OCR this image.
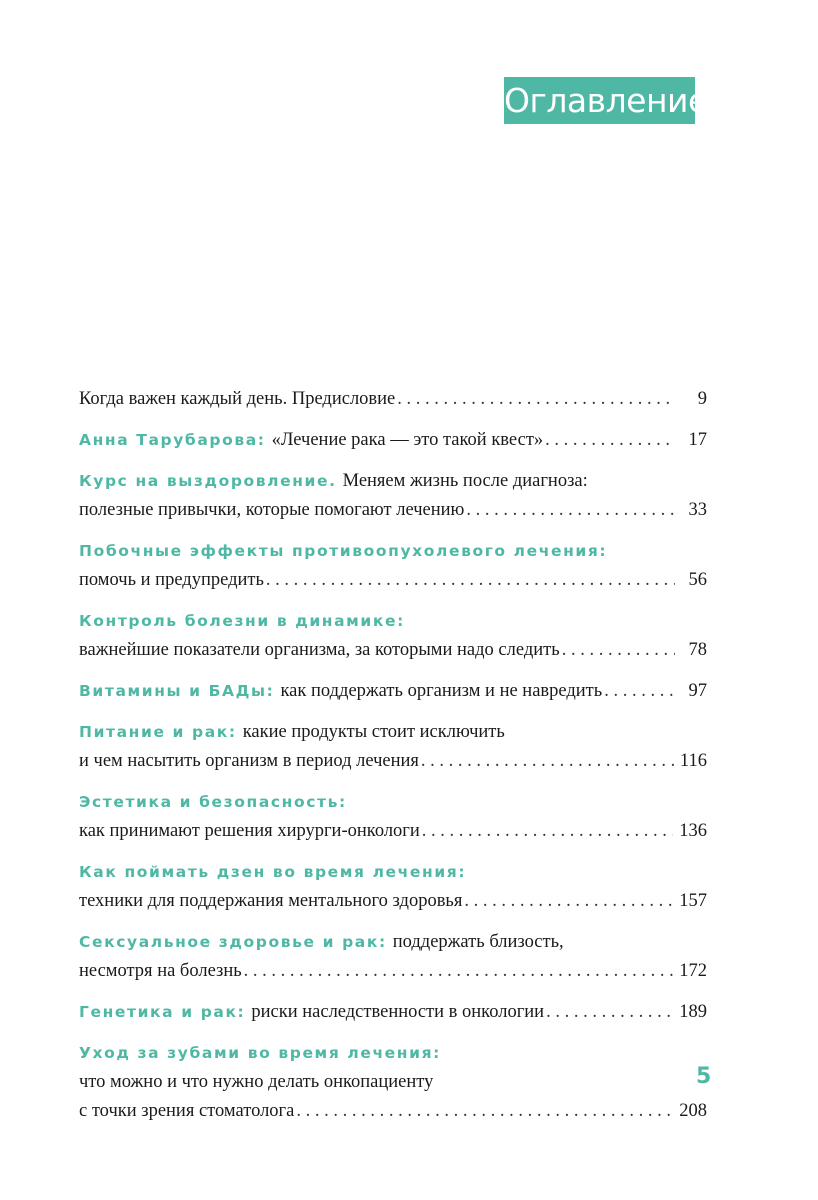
Оглавление
Когда важен каждый день. Предисловие . . .	9
Анна Тарубарова: «Лечение рака — это такой квест» . . .	17
Курс на выздоровление. Меняем жизнь после диагноза:
полезные привычки, которые помогают лечению . . .	33
Побочные эффекты противоопухолевого лечения:
помочь и предупредить . . .	56
Контроль болезни в динамике:
важнейшие показатели организма, за которыми надо следить . . .	78
Витамины и БАДы: как поддержать организм и не навредить . . .	97
Питание и рак: какие продукты стоит исключить
и чем насытить организм в период лечения . . .	116
Эстетика и безопасность:
как принимают решения хирурги-онкологи . . .	136
Как поймать дзен во время лечения:
техники для поддержания ментального здоровья . . .	157
Сексуальное здоровье и рак: поддержать близость,
несмотря на болезнь . . .	172
Генетика и рак: риски наследственности в онкологии . . .	189
Уход за зубами во время лечения:
что можно и что нужно делать онкопациенту
с точки зрения стоматолога . . .	208
5
